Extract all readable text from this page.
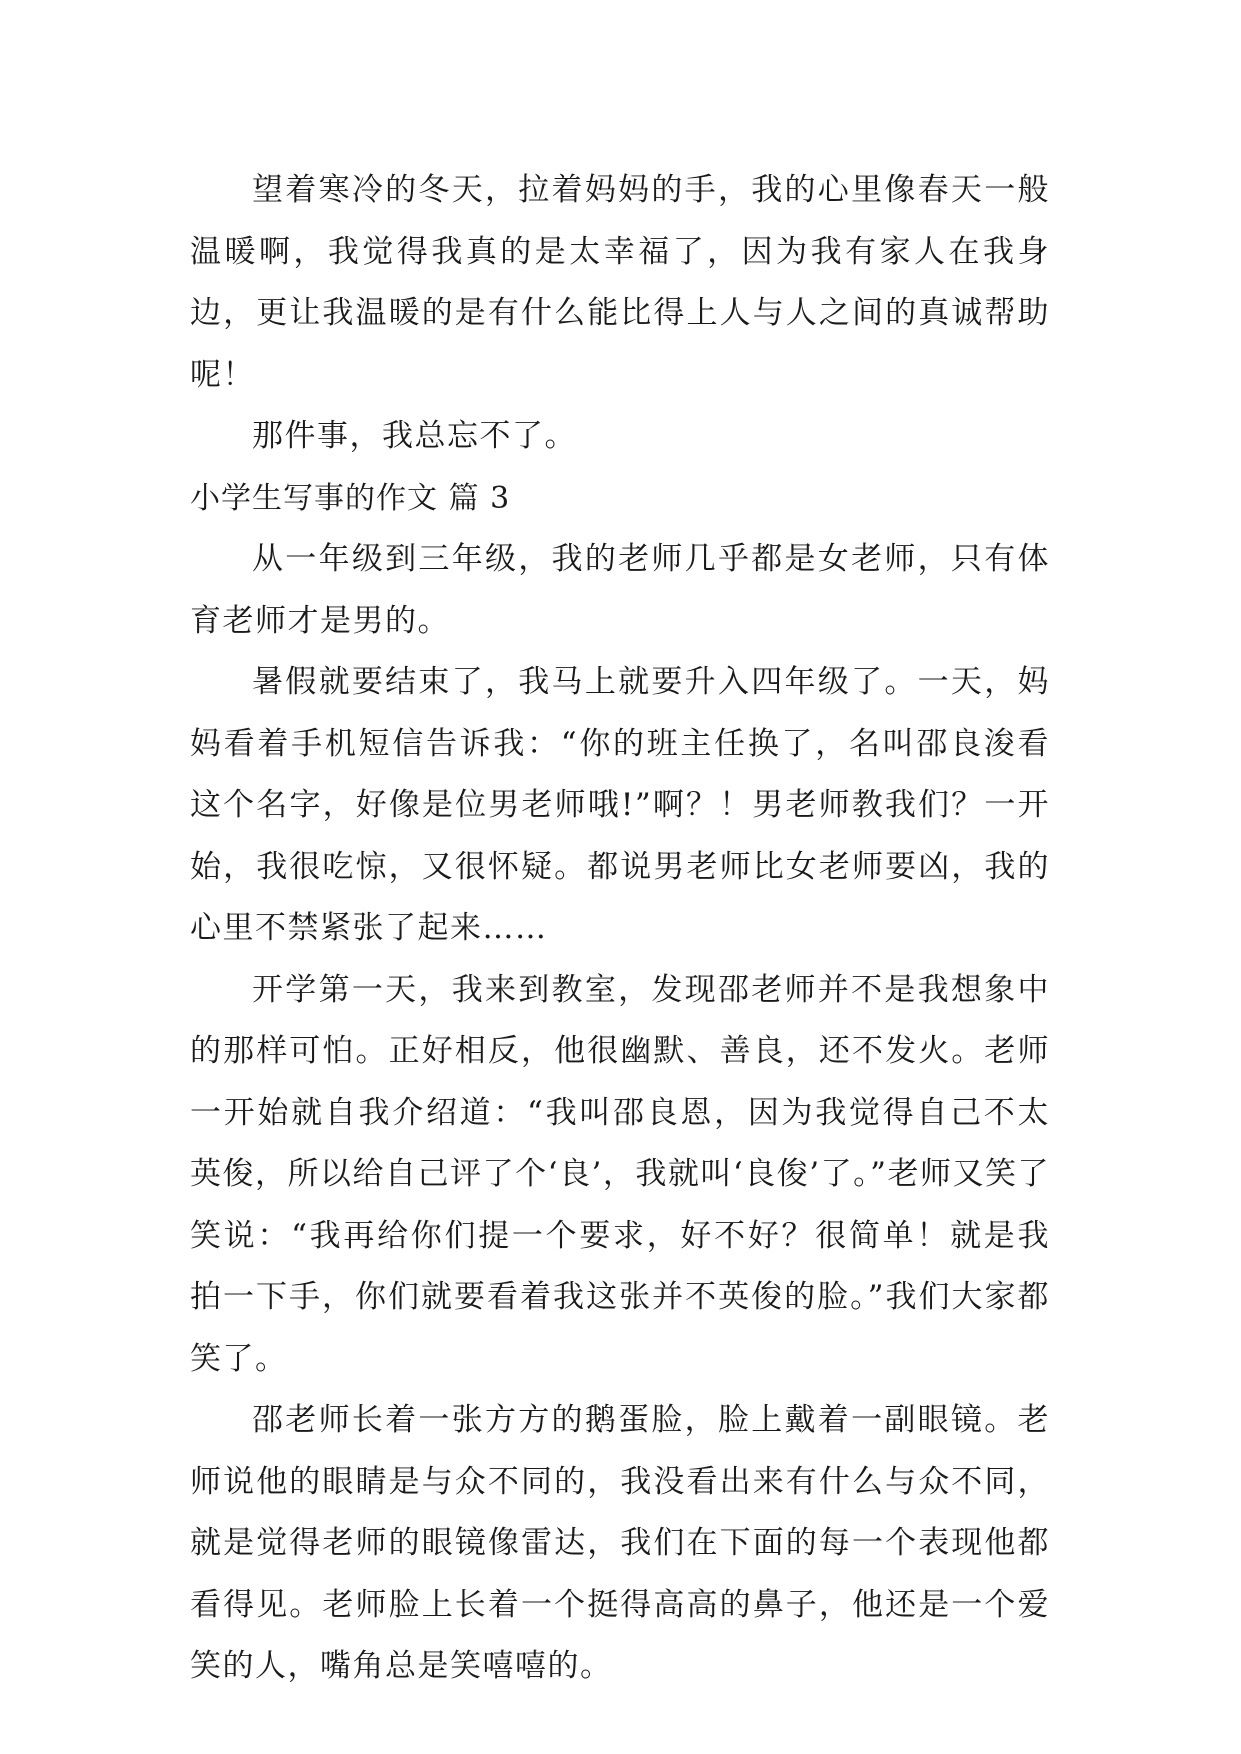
望着寒冷的冬天，拉着妈妈的手，我的心里像春天一般温暖啊，我觉得我真的是太幸福了，因为我有家人在我身边，更让我温暖的是有什么能比得上人与人之间的真诚帮助呢！

那件事，我总忘不了。

小学生写事的作文 篇 3

从一年级到三年级，我的老师几乎都是女老师，只有体育老师才是男的。

暑假就要结束了，我马上就要升入四年级了。一天，妈妈看着手机短信告诉我：“你的班主任换了，名叫邵良浚看这个名字，好像是位男老师哦!”啊？！男老师教我们？一开始，我很吃惊，又很怀疑。都说男老师比女老师要凶，我的心里不禁紧张了起来……

开学第一天，我来到教室，发现邵老师并不是我想象中的那样可怕。正好相反，他很幽默、善良，还不发火。老师一开始就自我介绍道：“我叫邵良恩，因为我觉得自己不太英俊，所以给自己评了个‘良’，我就叫‘良俊’了。”老师又笑了笑说：“我再给你们提一个要求，好不好？很简单！就是我拍一下手，你们就要看着我这张并不英俊的脸。”我们大家都笑了。

邵老师长着一张方方的鹅蛋脸，脸上戴着一副眼镜。老师说他的眼睛是与众不同的，我没看出来有什么与众不同，就是觉得老师的眼镜像雷达，我们在下面的每一个表现他都看得见。老师脸上长着一个挺得高高的鼻子，他还是一个爱笑的人，嘴角总是笑嘻嘻的。
